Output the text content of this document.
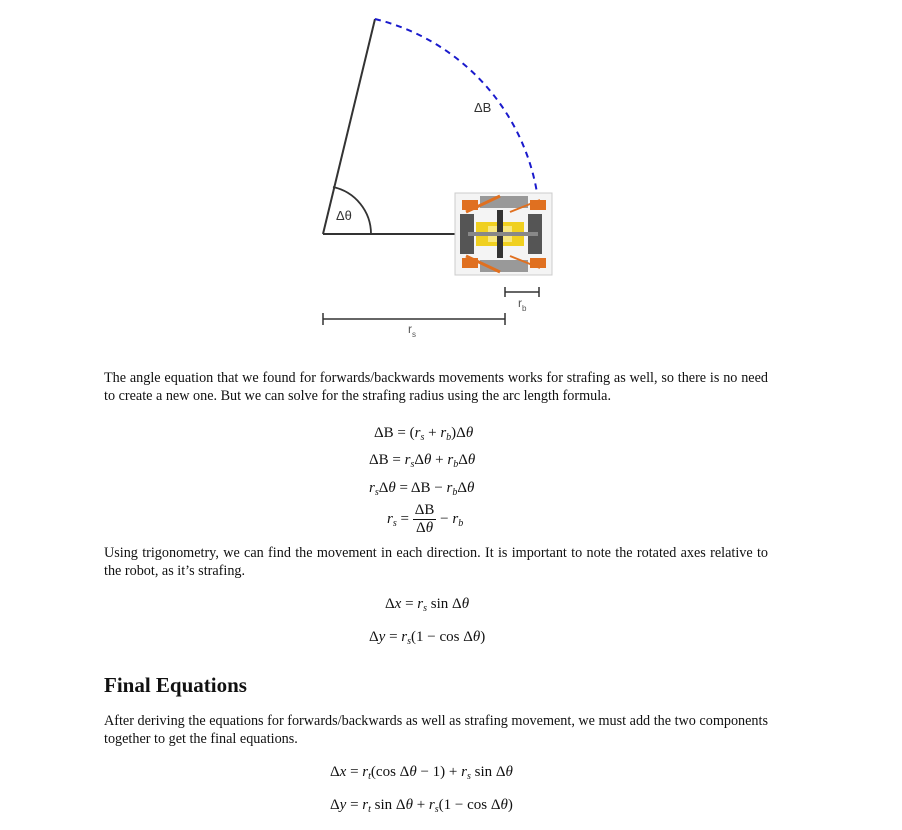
ΔB
Δθ
$r_s$
$r_b$

The angle equation that we found for forwards/backwards movements works for strafing as well, so there is no need to create a new one. But we can solve for the strafing radius using the arc length formula.

$\Delta B = (r_s + r_b)\Delta\theta$
$\Delta B = r_s\Delta\theta + r_b\Delta\theta$
$r_s\Delta\theta = \Delta B - r_b\Delta\theta$
$r_s = \frac{\Delta B}{\Delta\theta} - r_b$

Using trigonometry, we can find the movement in each direction. It is important to note the rotated axes relative to the robot, as it’s strafing.

$\Delta x = r_s$ sin Δθ
$\Delta y = r_s(1 - \cos \Delta\theta)$
Final Equations

After deriving the equations for forwards/backwards as well as strafing movement, we must add the two components together to get the final equations.

$\Delta x = r_t(\cos$ $\Delta\theta - 1) + r_s$ sin Δθ
$\Delta y = r_t$ $\sin \Delta\theta + r_s(1 - \cos \Delta\theta)$
